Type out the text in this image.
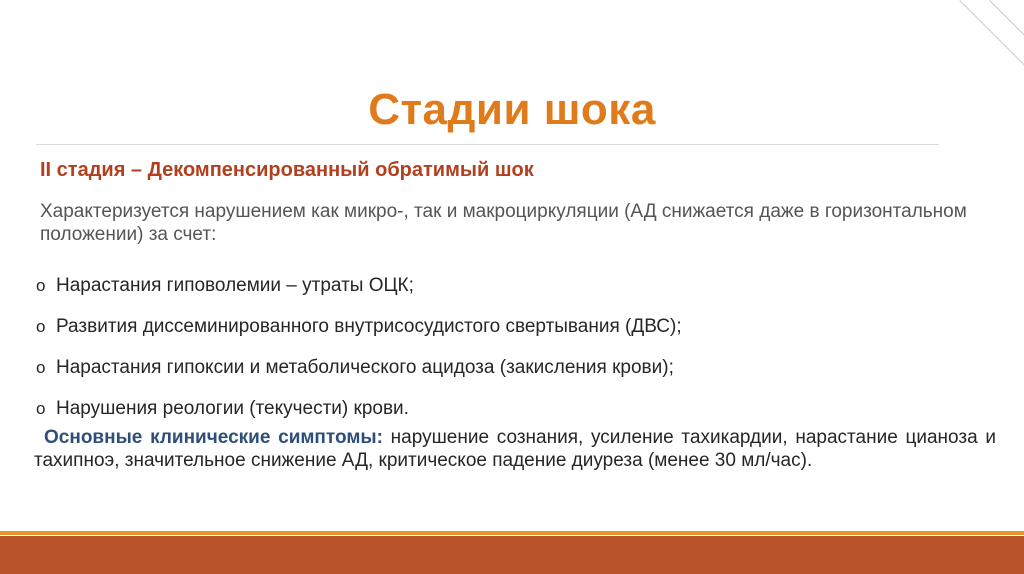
Стадии шока
II стадия – Декомпенсированный обратимый шок
Характеризуется нарушением как микро-, так и макроциркуляции (АД снижается даже в горизонтальном положении) за счет:
o Нарастания гиповолемии – утраты ОЦК;
o Развития диссеминированного внутрисосудистого свертывания (ДВС);
o Нарастания гипоксии и метаболического ацидоза (закисления крови);
o Нарушения реологии (текучести) крови.
Основные клинические симптомы: нарушение сознания, усиление тахикардии, нарастание цианоза и тахипноэ, значительное снижение АД, критическое падение диуреза (менее 30 мл/час).
